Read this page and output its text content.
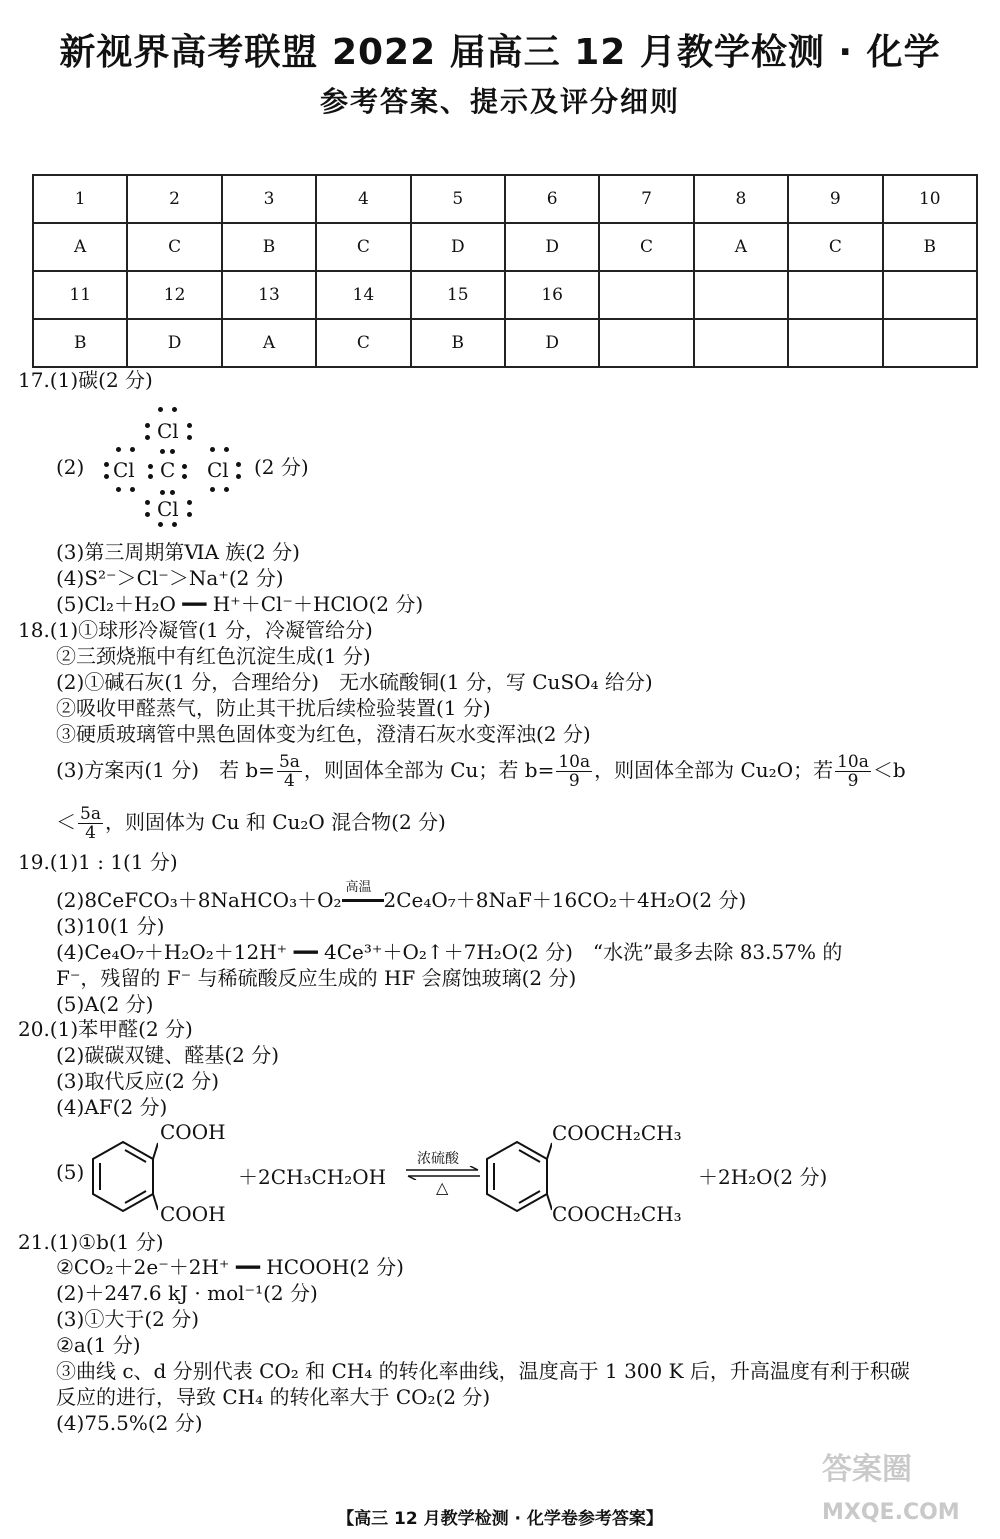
新视界高考联盟 2022 届高三 12 月教学检测 · 化学
参考答案、提示及评分细则
1	2	3	4	5	6	7	8	9	10
A	C	B	C	D	D	C	A	C	B
11	12	13	14	15	16				
B	D	A	C	B	D				
17.(1)碳(2 分)
(2)
Cl
Cl C Cl
Cl
(2 分)
(3)第三周期第ⅥA 族(2 分)
(4)S²⁻＞Cl⁻＞Na⁺(2 分)
(5)Cl₂＋H₂O ━━ H⁺＋Cl⁻＋HClO(2 分)
18.(1)①球形冷凝管(1 分，冷凝管给分)
②三颈烧瓶中有红色沉淀生成(1 分)
(2)①碱石灰(1 分，合理给分)　无水硫酸铜(1 分，写 CuSO₄ 给分)
②吸收甲醛蒸气，防止其干扰后续检验装置(1 分)
③硬质玻璃管中黑色固体变为红色，澄清石灰水变浑浊(2 分)
(3)方案丙(1 分)　若 $b= \frac{5a}{4}$ ，则固体全部为 Cu；若 $b= \frac{10a}{9}$ ，则固体全部为 Cu₂O；若 $\frac{10a}{9} <b$
＜ $\frac{5a}{4}$ ，则固体为 Cu 和 Cu₂O 混合物(2 分)
19.(1)1 : 1(1 分)
(2)8CeFCO₃＋8NaHCO₃＋O₂
高温
2Ce₄O₇＋8NaF＋16CO₂＋4H₂O(2 分)
(3)10(1 分)
(4)Ce₄O₇＋H₂O₂＋12H⁺ ━━ 4Ce³⁺＋O₂↑＋7H₂O(2 分)　“水洗”最多去除 83.57% 的
F⁻，残留的 F⁻ 与稀硫酸反应生成的 HF 会腐蚀玻璃(2 分)
(5)A(2 分)
20.(1)苯甲醛(2 分)
(2)碳碳双键、醛基(2 分)
(3)取代反应(2 分)
(4)AF(2 分)
(5)
COOH
COOH
＋2CH₃CH₂OH
浓硫酸
△
COOCH₂CH₃
COOCH₂CH₃
＋2H₂O(2 分)
21.(1)①b(1 分)
②CO₂＋2e⁻＋2H⁺ ━━ HCOOH(2 分)
(2)＋247.6 kJ · mol⁻¹(2 分)
(3)①大于(2 分)
②a(1 分)
③曲线 c、d 分别代表 CO₂ 和 CH₄ 的转化率曲线，温度高于 1 300 K 后，升高温度有利于积碳
反应的进行，导致 CH₄ 的转化率大于 CO₂(2 分)
(4)75.5%(2 分)
答案圈
MXQE.COM
【高三 12 月教学检测 · 化学卷参考答案】
